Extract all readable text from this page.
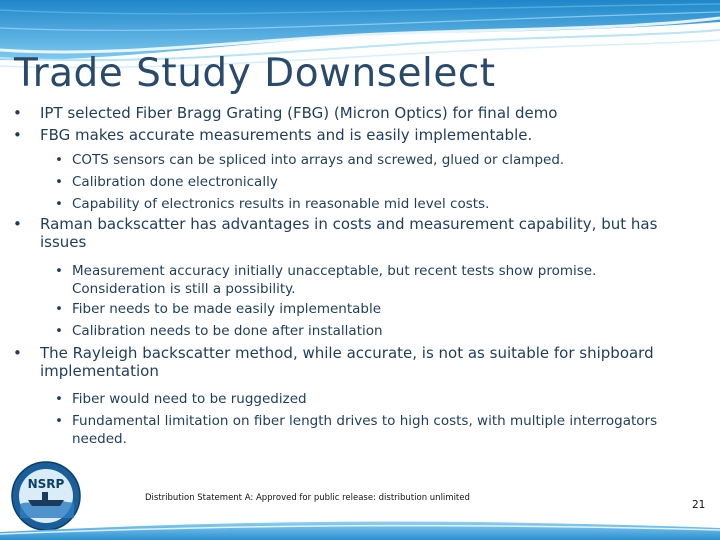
Trade Study Downselect
• IPT selected Fiber Bragg Grating (FBG) (Micron Optics) for final demo
• FBG makes accurate measurements and is easily implementable.
• COTS sensors can be spliced into arrays and screwed, glued or clamped.
• Calibration done electronically
• Capability of electronics results in reasonable mid level costs.
• Raman backscatter has advantages in costs and measurement capability, but has issues
• Measurement accuracy initially unacceptable, but recent tests show promise. Consideration is still a possibility.
• Fiber needs to be made easily implementable
• Calibration needs to be done after installation
• The Rayleigh backscatter method, while accurate, is not as suitable for shipboard implementation
• Fiber would need to be ruggedized
• Fundamental limitation on fiber length drives to high costs, with multiple interrogators needed.
NSRP
Distribution Statement A: Approved for public release: distribution unlimited
21
